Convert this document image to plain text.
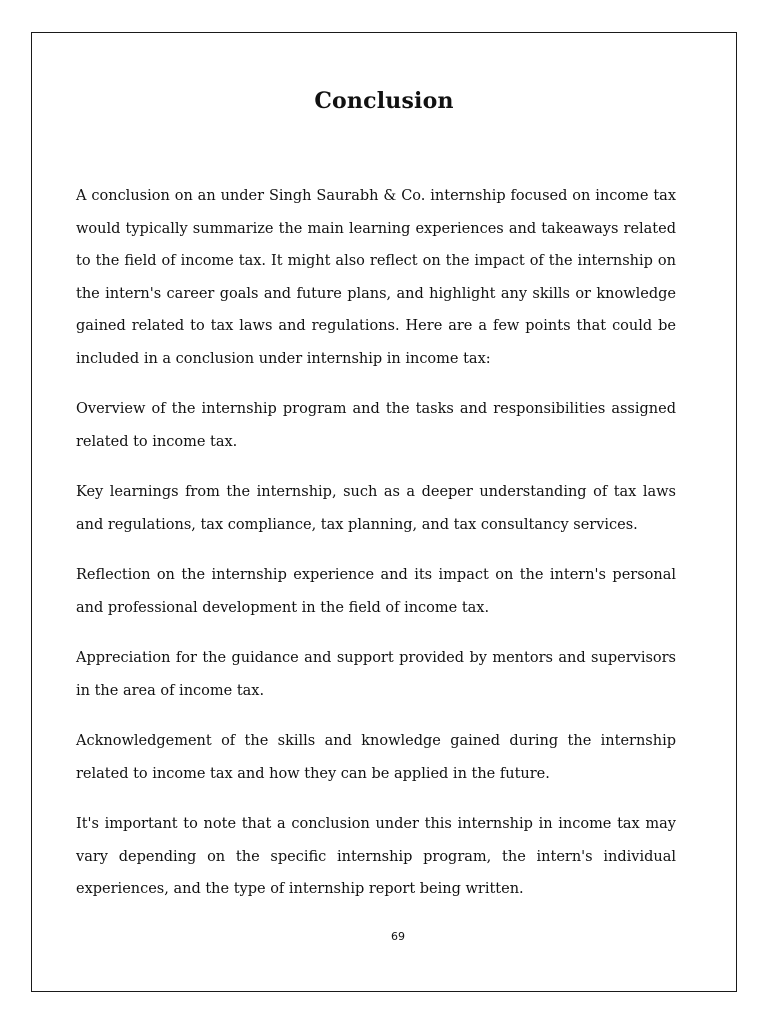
Conclusion

A conclusion on an under Singh Saurabh & Co. internship focused on income tax would typically summarize the main learning experiences and takeaways related to the field of income tax. It might also reflect on the impact of the internship on the intern's career goals and future plans, and highlight any skills or knowledge gained related to tax laws and regulations. Here are a few points that could be included in a conclusion under internship in income tax:

Overview of the internship program and the tasks and responsibilities assigned related to income tax.

Key learnings from the internship, such as a deeper understanding of tax laws and regulations, tax compliance, tax planning, and tax consultancy services.

Reflection on the internship experience and its impact on the intern's personal and professional development in the field of income tax.

Appreciation for the guidance and support provided by mentors and supervisors in the area of income tax.

Acknowledgement of the skills and knowledge gained during the internship related to income tax and how they can be applied in the future.

It's important to note that a conclusion under this internship in income tax may vary depending on the specific internship program, the intern's individual experiences, and the type of internship report being written.

69
